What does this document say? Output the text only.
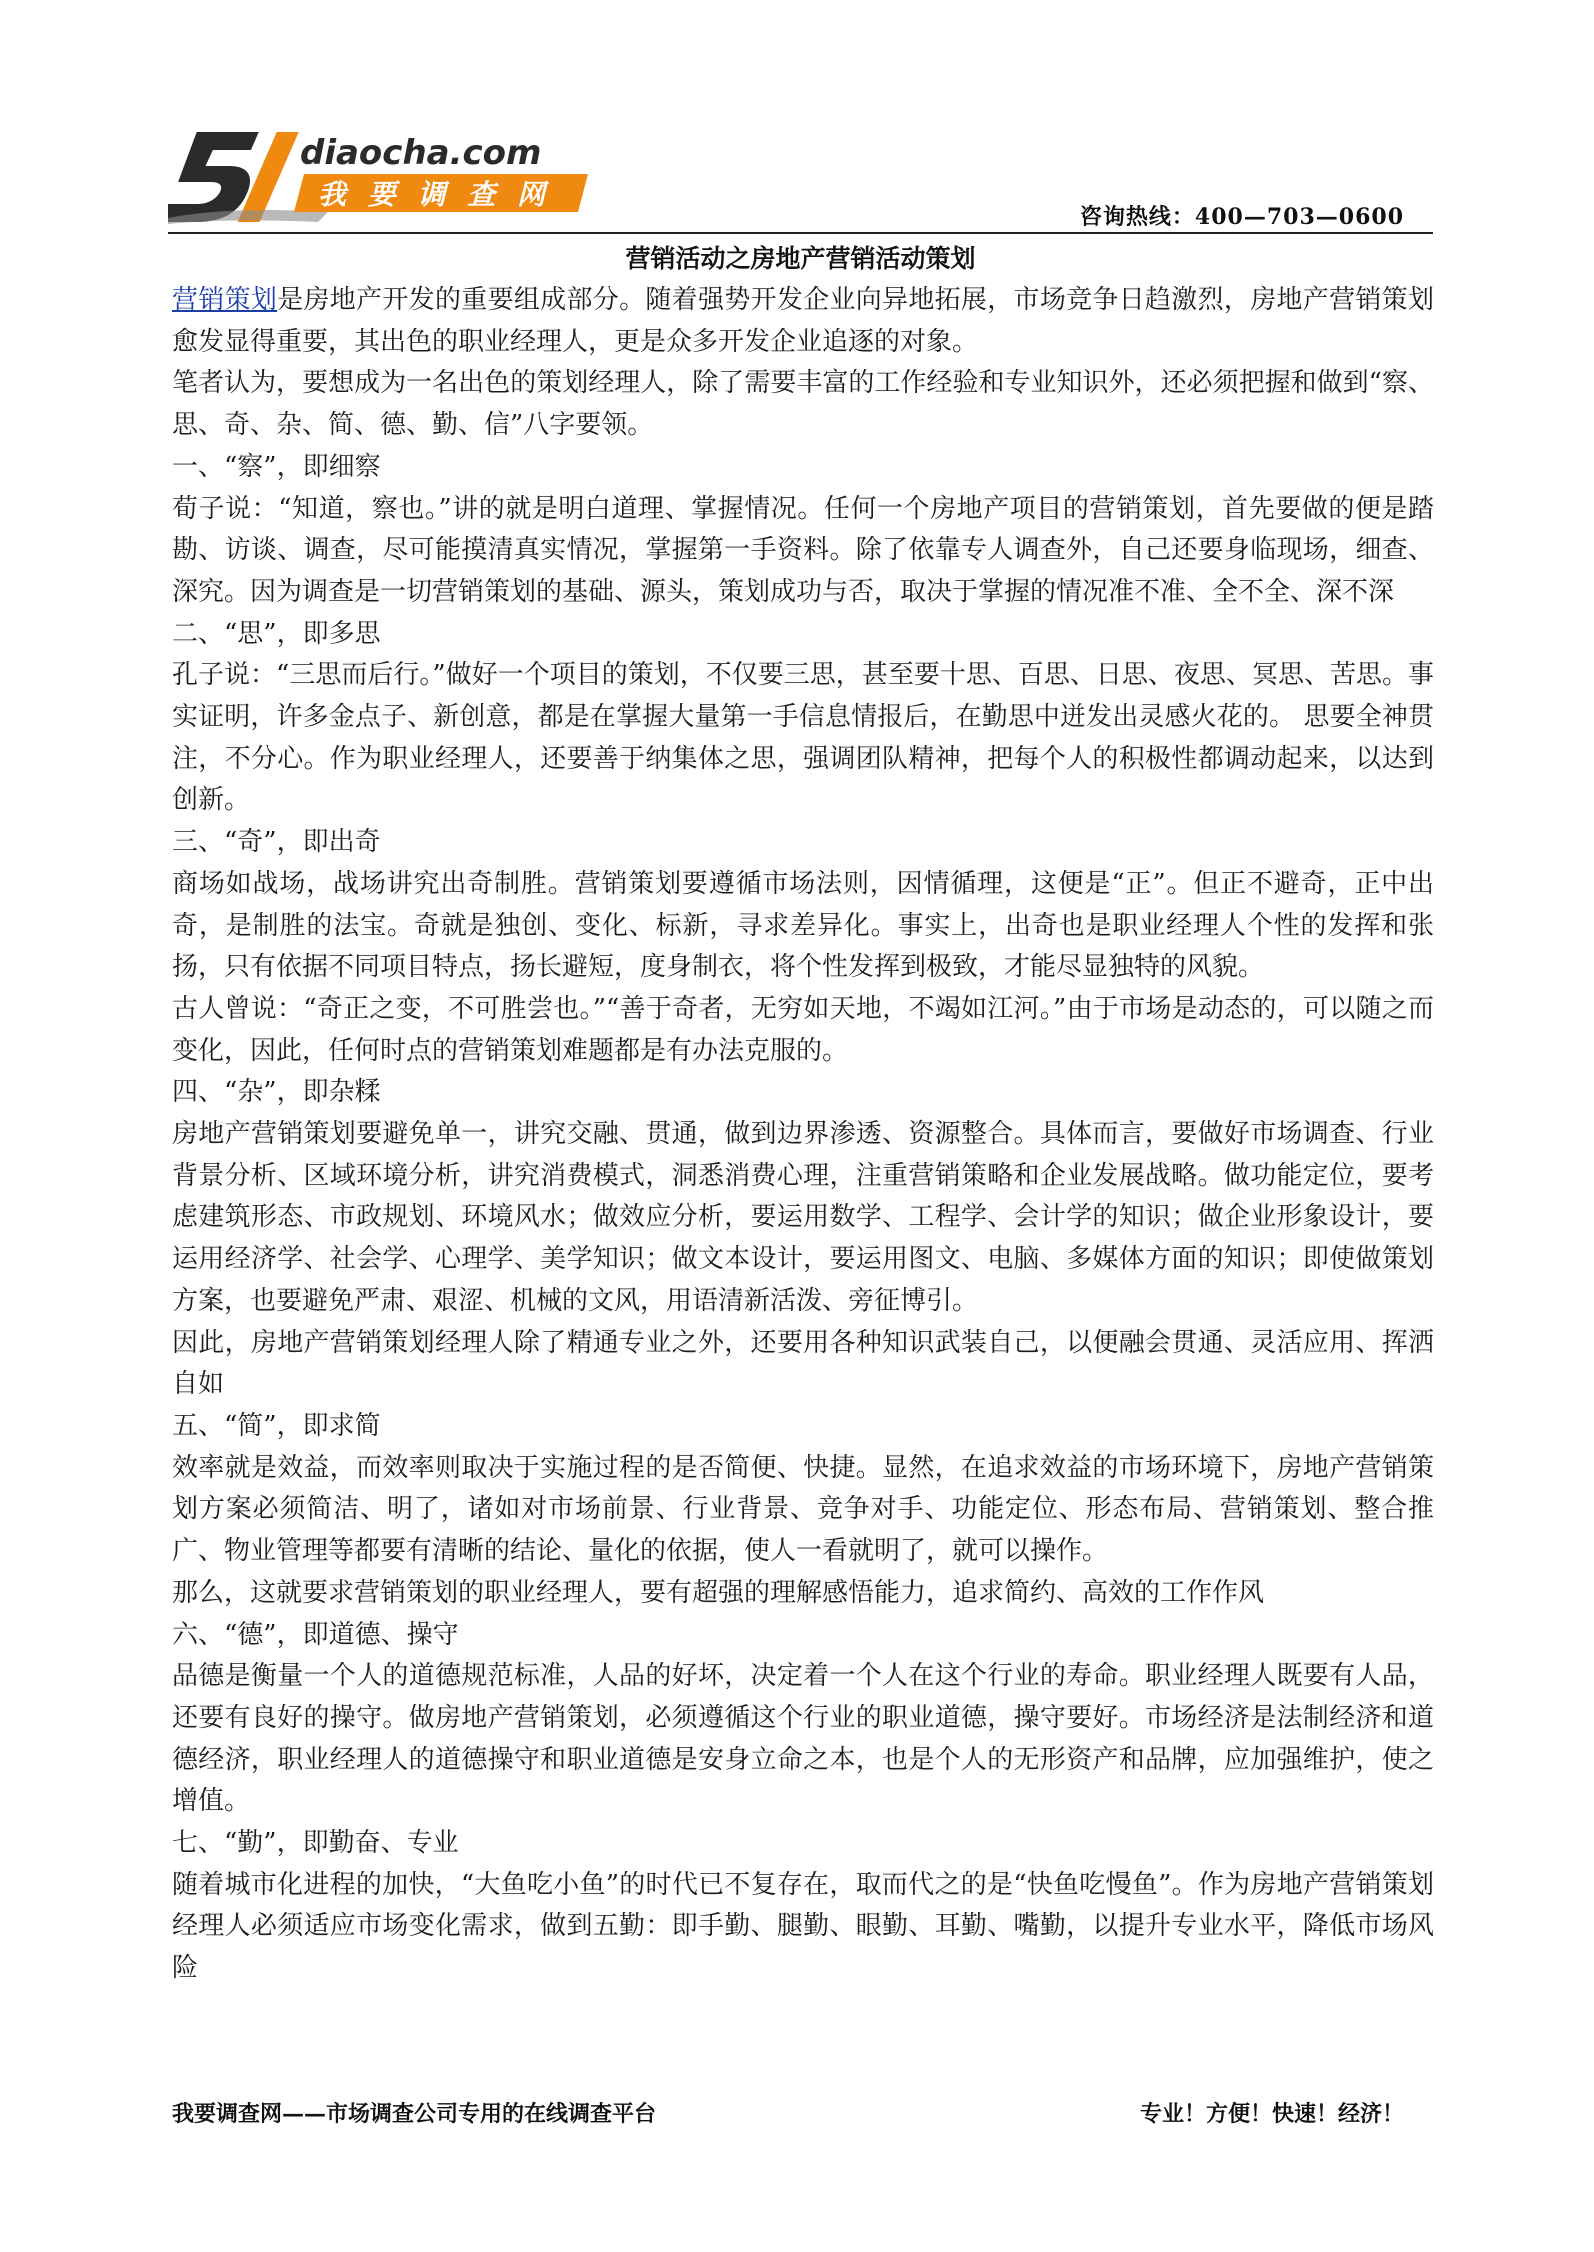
diaocha.com
我 要 调 查 网
咨询热线：400—703—0600
营销活动之房地产营销活动策划

营销策划是房地产开发的重要组成部分。随着强势开发企业向异地拓展，市场竞争日趋激烈，房地产营销策划愈发显得重要，其出色的职业经理人，更是众多开发企业追逐的对象。

笔者认为，要想成为一名出色的策划经理人，除了需要丰富的工作经验和专业知识外，还必须把握和做到“察、思、奇、杂、简、德、勤、信”八字要领。

一、“察”，即细察

荀子说：“知道，察也。”讲的就是明白道理、掌握情况。任何一个房地产项目的营销策划，首先要做的便是踏勘、访谈、调查，尽可能摸清真实情况，掌握第一手资料。除了依靠专人调查外，自己还要身临现场，细查、深究。因为调查是一切营销策划的基础、源头，策划成功与否，取决于掌握的情况准不准、全不全、深不深

二、“思”，即多思

孔子说：“三思而后行。”做好一个项目的策划，不仅要三思，甚至要十思、百思、日思、夜思、冥思、苦思。事实证明，许多金点子、新创意，都是在掌握大量第一手信息情报后，在勤思中迸发出灵感火花的。 思要全神贯注，不分心。作为职业经理人，还要善于纳集体之思，强调团队精神，把每个人的积极性都调动起来，以达到创新。

三、“奇”，即出奇

商场如战场，战场讲究出奇制胜。营销策划要遵循市场法则，因情循理，这便是“正”。但正不避奇，正中出奇，是制胜的法宝。奇就是独创、变化、标新，寻求差异化。事实上，出奇也是职业经理人个性的发挥和张扬，只有依据不同项目特点，扬长避短，度身制衣，将个性发挥到极致，才能尽显独特的风貌。

古人曾说：“奇正之变，不可胜尝也。”“善于奇者，无穷如天地，不竭如江河。”由于市场是动态的，可以随之而变化，因此，任何时点的营销策划难题都是有办法克服的。

四、“杂”，即杂糅

房地产营销策划要避免单一，讲究交融、贯通，做到边界渗透、资源整合。具体而言，要做好市场调查、行业背景分析、区域环境分析，讲究消费模式，洞悉消费心理，注重营销策略和企业发展战略。做功能定位，要考虑建筑形态、市政规划、环境风水；做效应分析，要运用数学、工程学、会计学的知识；做企业形象设计，要运用经济学、社会学、心理学、美学知识；做文本设计，要运用图文、电脑、多媒体方面的知识；即使做策划方案，也要避免严肃、艰涩、机械的文风，用语清新活泼、旁征博引。

因此，房地产营销策划经理人除了精通专业之外，还要用各种知识武装自己，以便融会贯通、灵活应用、挥洒自如

五、“简”，即求简

效率就是效益，而效率则取决于实施过程的是否简便、快捷。显然，在追求效益的市场环境下，房地产营销策划方案必须简洁、明了，诸如对市场前景、行业背景、竞争对手、功能定位、形态布局、营销策划、整合推广、物业管理等都要有清晰的结论、量化的依据，使人一看就明了，就可以操作。

那么，这就要求营销策划的职业经理人，要有超强的理解感悟能力，追求简约、高效的工作作风

六、“德”，即道德、操守

品德是衡量一个人的道德规范标准，人品的好坏，决定着一个人在这个行业的寿命。职业经理人既要有人品，还要有良好的操守。做房地产营销策划，必须遵循这个行业的职业道德，操守要好。市场经济是法制经济和道德经济，职业经理人的道德操守和职业道德是安身立命之本，也是个人的无形资产和品牌，应加强维护，使之增值。

七、“勤”，即勤奋、专业

随着城市化进程的加快，“大鱼吃小鱼”的时代已不复存在，取而代之的是“快鱼吃慢鱼”。作为房地产营销策划经理人必须适应市场变化需求，做到五勤：即手勤、腿勤、眼勤、耳勤、嘴勤，以提升专业水平，降低市场风险

我要调查网——市场调查公司专用的在线调查平台	专业！方便！快速！经济！
